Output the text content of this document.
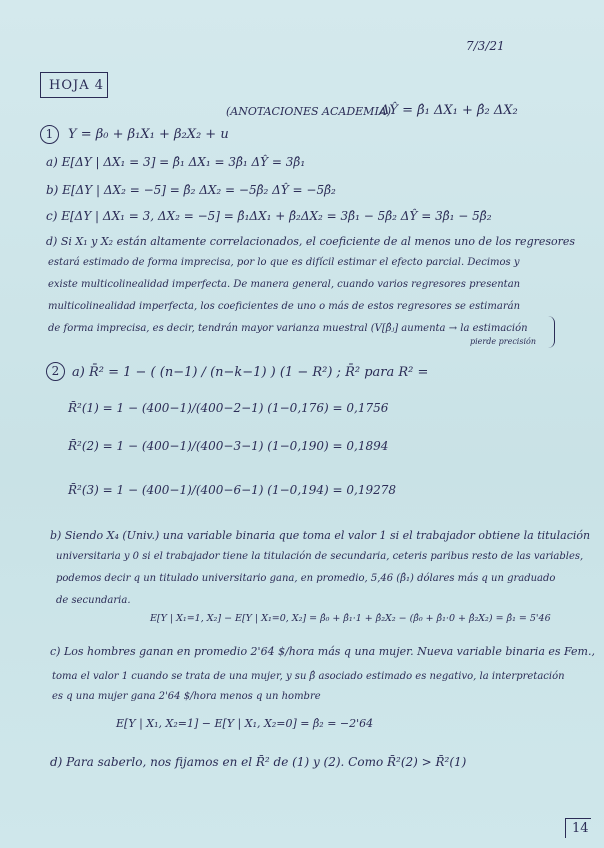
7/3/21
HOJA 4
(ANOTACIONES ACADEMIA)
ΔŶ = β̂₁ ΔX₁ + β̂₂ ΔX₂
1	Y = β₀ + β₁X₁ + β₂X₂ + u
a) E[ΔY | ΔX₁ = 3] = β̂₁ ΔX₁ = 3β̂₁ ΔŶ = 3β̂₁
b) E[ΔY | ΔX₂ = −5] = β̂₂ ΔX₂ = −5β̂₂ ΔŶ = −5β̂₂
c) E[ΔY | ΔX₁ = 3, ΔX₂ = −5] = β̂₁ΔX₁ + β̂₂ΔX₂ = 3β̂₁ − 5β̂₂ ΔŶ = 3β̂₁ − 5β̂₂
d) Si X₁ y X₂ están altamente correlacionados, el coeficiente de al menos uno de los regresores
estará estimado de forma imprecisa, por lo que es difícil estimar el efecto parcial. Decimos y
existe multicolinealidad imperfecta. De manera general, cuando varios regresores presentan
multicolinealidad imperfecta, los coeficientes de uno o más de estos regresores se estimarán
de forma imprecisa, es decir, tendrán mayor varianza muestral (V[β̂ⱼ] aumenta → la estimación
pierde precisión
2 a) R̄² = 1 − ( (n−1) / (n−k−1) ) (1 − R²) ; R̄² para R² =
R̄²(1) = 1 − (400−1)/(400−2−1) (1−0,176) = 0,1756
R̄²(2) = 1 − (400−1)/(400−3−1) (1−0,190) = 0,1894
R̄²(3) = 1 − (400−1)/(400−6−1) (1−0,194) = 0,19278
b) Siendo X₄ (Univ.) una variable binaria que toma el valor 1 si el trabajador obtiene la titulación
universitaria y 0 si el trabajador tiene la titulación de secundaria, ceteris paribus resto de las variables,
podemos decir q un titulado universitario gana, en promedio, 5,46 (β̂₁) dólares más q un graduado
de secundaria.
E[Y | X₁=1, X₂] − E[Y | X₁=0, X₂] = β̂₀ + β̂₁·1 + β̂₂X₂ − (β̂₀ + β̂₁·0 + β̂₂X₂) = β̂₁ = 5'46
c) Los hombres ganan en promedio 2'64 $/hora más q una mujer. Nueva variable binaria es Fem.,
toma el valor 1 cuando se trata de una mujer, y su β̂ asociado estimado es negativo, la interpretación
es q una mujer gana 2'64 $/hora menos q un hombre
E[Y | X₁, X₂=1] − E[Y | X₁, X₂=0] = β̂₂ = −2'64
d) Para saberlo, nos fijamos en el R̄² de (1) y (2). Como R̄²(2) > R̄²(1)
14
